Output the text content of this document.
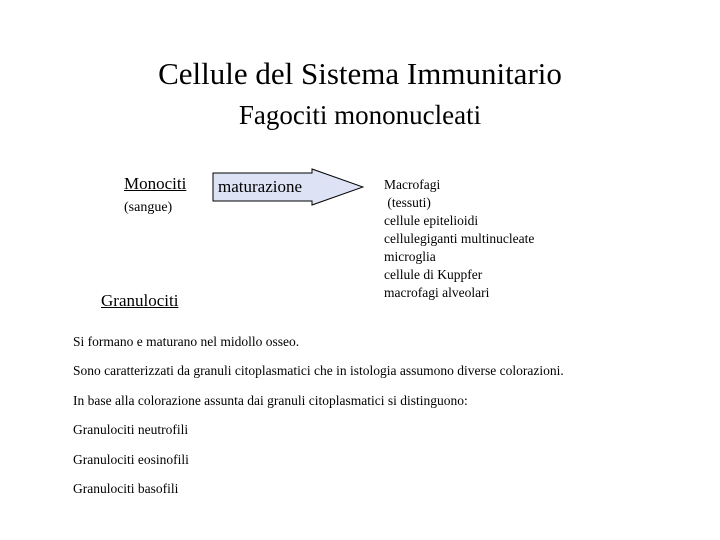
Cellule del Sistema Immunitario
Fagociti mononucleati
Monociti
(sangue)
maturazione
Granulociti
Macrofagi
(tessuti)
cellule epitelioidi
cellulegiganti multinucleate
microglia
cellule di Kuppfer
macrofagi alveolari
Si formano e maturano nel midollo osseo.
Sono caratterizzati da granuli citoplasmatici che in istologia assumono diverse colorazioni.
In base alla colorazione assunta dai granuli citoplasmatici si distinguono:
Granulociti neutrofili
Granulociti eosinofili
Granulociti basofili
